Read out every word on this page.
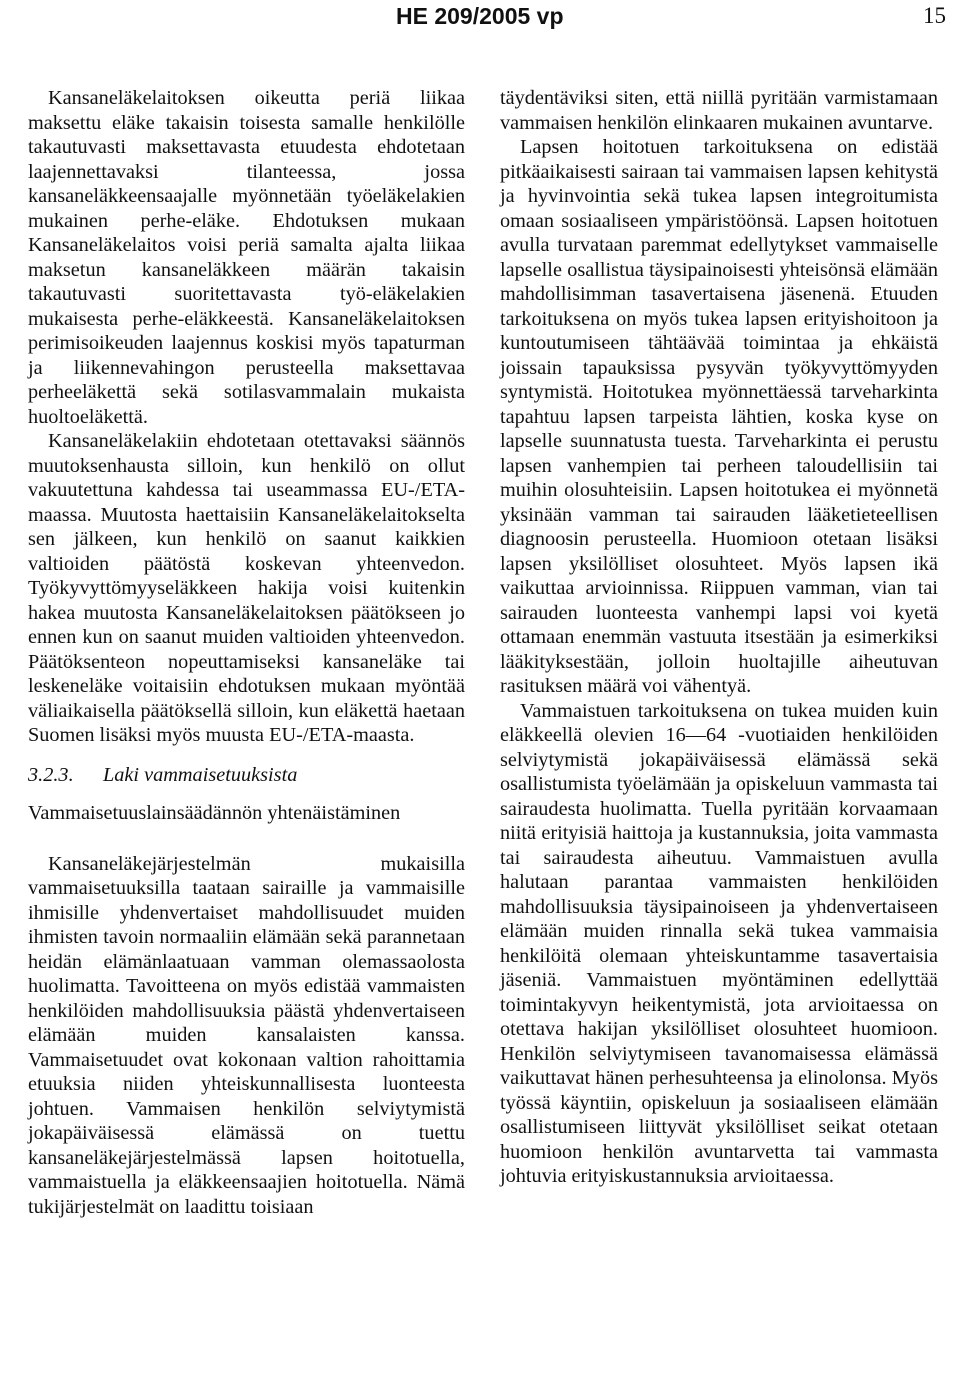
HE 209/2005 vp	15

Kansaneläkelaitoksen oikeutta periä liikaa maksettu eläke takaisin toisesta samalle henkilölle takautuvasti maksettavasta etuudesta ehdotetaan laajennettavaksi tilanteessa, jossa kansaneläkkeensaajalle myönnetään työeläkelakien mukainen perhe-eläke. Ehdotuksen mukaan Kansaneläkelaitos voisi periä samalta ajalta liikaa maksetun kansaneläkkeen määrän takaisin takautuvasti suoritettavasta työ-eläkelakien mukaisesta perhe-eläkkeestä. Kansaneläkelaitoksen perimisoikeuden laajennus koskisi myös tapaturman ja liikennevahingon perusteella maksettavaa perheeläkettä sekä sotilasvammalain mukaista huoltoeläkettä.

Kansaneläkelakiin ehdotetaan otettavaksi säännös muutoksenhausta silloin, kun henkilö on ollut vakuutettuna kahdessa tai useammassa EU-/ETA-maassa. Muutosta haettaisiin Kansaneläkelaitokselta sen jälkeen, kun henkilö on saanut kaikkien valtioiden päätöstä koskevan yhteenvedon. Työkyvyttömyyseläkkeen hakija voisi kuitenkin hakea muutosta Kansaneläkelaitoksen päätökseen jo ennen kun on saanut muiden valtioiden yhteenvedon. Päätöksenteon nopeuttamiseksi kansaneläke tai leskeneläke voitaisiin ehdotuksen mukaan myöntää väliaikaisella päätöksellä silloin, kun eläkettä haetaan Suomen lisäksi myös muusta EU-/ETA-maasta.

3.2.3. Laki vammaisetuuksista
Vammaisetuuslainsäädännön yhtenäistäminen

Kansaneläkejärjestelmän mukaisilla vammaisetuuksilla taataan sairaille ja vammaisille ihmisille yhdenvertaiset mahdollisuudet muiden ihmisten tavoin normaaliin elämään sekä parannetaan heidän elämänlaatuaan vamman olemassaolosta huolimatta. Tavoitteena on myös edistää vammaisten henkilöiden mahdollisuuksia päästä yhdenvertaiseen elämään muiden kansalaisten kanssa. Vammaisetuudet ovat kokonaan valtion rahoittamia etuuksia niiden yhteiskunnallisesta luonteesta johtuen. Vammaisen henkilön selviytymistä jokapäiväisessä elämässä on tuettu kansaneläkejärjestelmässä lapsen hoitotuella, vammaistuella ja eläkkeensaajien hoitotuella. Nämä tukijärjestelmät on laadittu toisiaan

täydentäviksi siten, että niillä pyritään varmistamaan vammaisen henkilön elinkaaren mukainen avuntarve.

Lapsen hoitotuen tarkoituksena on edistää pitkäaikaisesti sairaan tai vammaisen lapsen kehitystä ja hyvinvointia sekä tukea lapsen integroitumista omaan sosiaaliseen ympäristöönsä. Lapsen hoitotuen avulla turvataan paremmat edellytykset vammaiselle lapselle osallistua täysipainoisesti yhteisönsä elämään mahdollisimman tasavertaisena jäsenenä. Etuuden tarkoituksena on myös tukea lapsen erityishoitoon ja kuntoutumiseen tähtäävää toimintaa ja ehkäistä joissain tapauksissa pysyvän työkyvyttömyyden syntymistä. Hoitotukea myönnettäessä tarveharkinta tapahtuu lapsen tarpeista lähtien, koska kyse on lapselle suunnatusta tuesta. Tarveharkinta ei perustu lapsen vanhempien tai perheen taloudellisiin tai muihin olosuhteisiin. Lapsen hoitotukea ei myönnetä yksinään vamman tai sairauden lääketieteellisen diagnoosin perusteella. Huomioon otetaan lisäksi lapsen yksilölliset olosuhteet. Myös lapsen ikä vaikuttaa arvioinnissa. Riippuen vamman, vian tai sairauden luonteesta vanhempi lapsi voi kyetä ottamaan enemmän vastuuta itsestään ja esimerkiksi lääkityksestään, jolloin huoltajille aiheutuvan rasituksen määrä voi vähentyä.

Vammaistuen tarkoituksena on tukea muiden kuin eläkkeellä olevien 16—64 -vuotiaiden henkilöiden selviytymistä jokapäiväisessä elämässä sekä osallistumista työelämään ja opiskeluun vammasta tai sairaudesta huolimatta. Tuella pyritään korvaamaan niitä erityisiä haittoja ja kustannuksia, joita vammasta tai sairaudesta aiheutuu. Vammaistuen avulla halutaan parantaa vammaisten henkilöiden mahdollisuuksia täysipainoiseen ja yhdenvertaiseen elämään muiden rinnalla sekä tukea vammaisia henkilöitä olemaan yhteiskuntamme tasavertaisia jäseniä. Vammaistuen myöntäminen edellyttää toimintakyvyn heikentymistä, jota arvioitaessa on otettava hakijan yksilölliset olosuhteet huomioon. Henkilön selviytymiseen tavanomaisessa elämässä vaikuttavat hänen perhesuhteensa ja elinolonsa. Myös työssä käyntiin, opiskeluun ja sosiaaliseen elämään osallistumiseen liittyvät yksilölliset seikat otetaan huomioon henkilön avuntarvetta tai vammasta johtuvia erityiskustannuksia arvioitaessa.
